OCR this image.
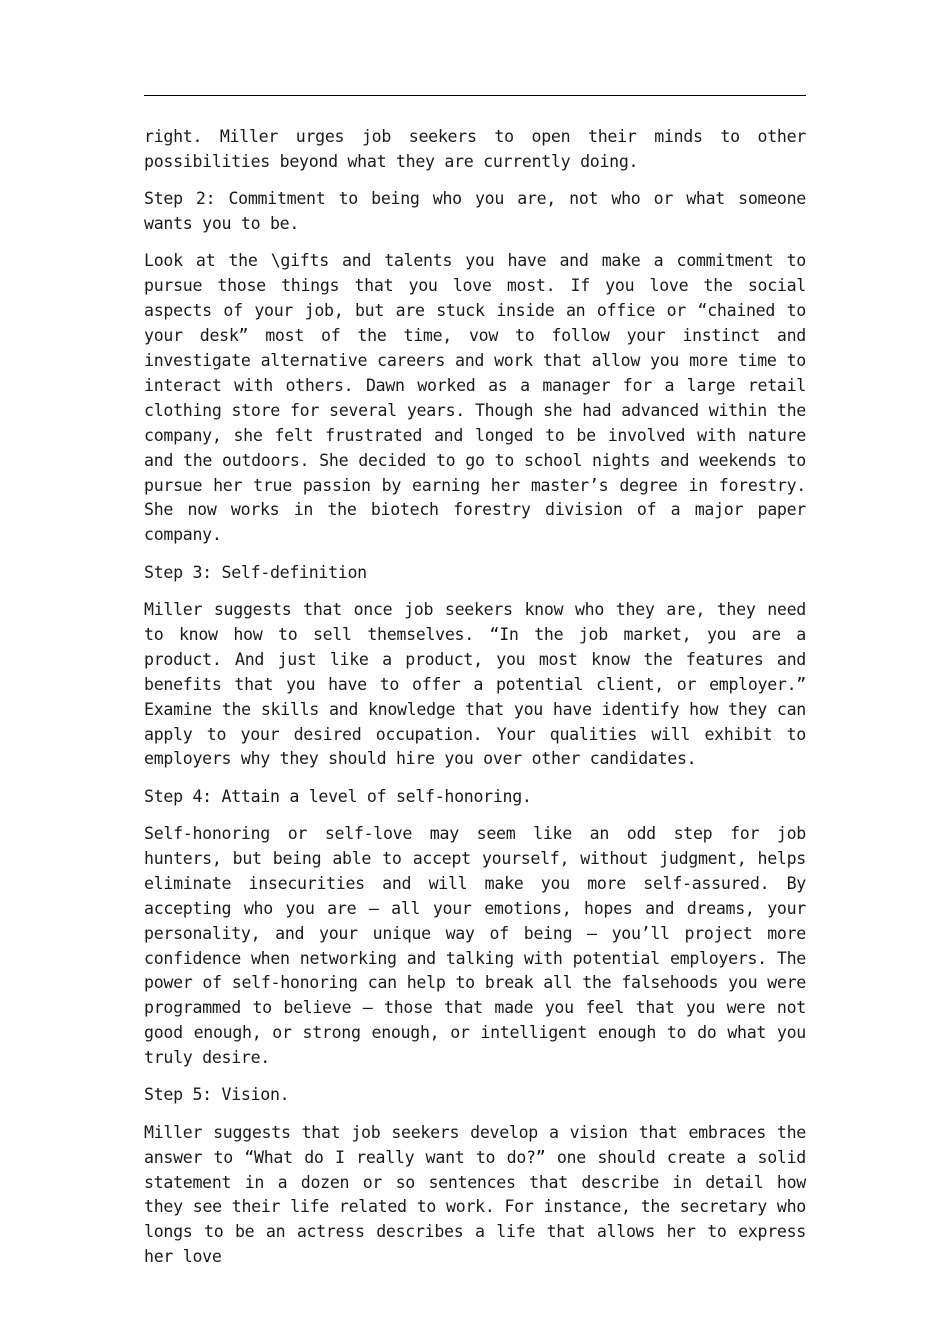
right. Miller urges job seekers to open their minds to other possibilities beyond what they are currently doing.

Step 2: Commitment to being who you are, not who or what someone wants you to be.

Look at the \gifts and talents you have and make a commitment to pursue those things that you love most. If you love the social aspects of your job, but are stuck inside an office or “chained to your desk” most of the time, vow to follow your instinct and investigate alternative careers and work that allow you more time to interact with others. Dawn worked as a manager for a large retail clothing store for several years. Though she had advanced within the company, she felt frustrated and longed to be involved with nature and the outdoors. She decided to go to school nights and weekends to pursue her true passion by earning her master’s degree in forestry. She now works in the biotech forestry division of a major paper company.

Step 3: Self-definition

Miller suggests that once job seekers know who they are, they need to know how to sell themselves. “In the job market, you are a product. And just like a product, you most know the features and benefits that you have to offer a potential client, or employer.” Examine the skills and knowledge that you have identify how they can apply to your desired occupation. Your qualities will exhibit to employers why they should hire you over other candidates.

Step 4: Attain a level of self-honoring.

Self-honoring or self-love may seem like an odd step for job hunters, but being able to accept yourself, without judgment, helps eliminate insecurities and will make you more self-assured. By accepting who you are – all your emotions, hopes and dreams, your personality, and your unique way of being – you’ll project more confidence when networking and talking with potential employers. The power of self-honoring can help to break all the falsehoods you were programmed to believe – those that made you feel that you were not good enough, or strong enough, or intelligent enough to do what you truly desire.

Step 5: Vision.

Miller suggests that job seekers develop a vision that embraces the answer to “What do I really want to do?” one should create a solid statement in a dozen or so sentences that describe in detail how they see their life related to work. For instance, the secretary who longs to be an actress describes a life that allows her to express her love
